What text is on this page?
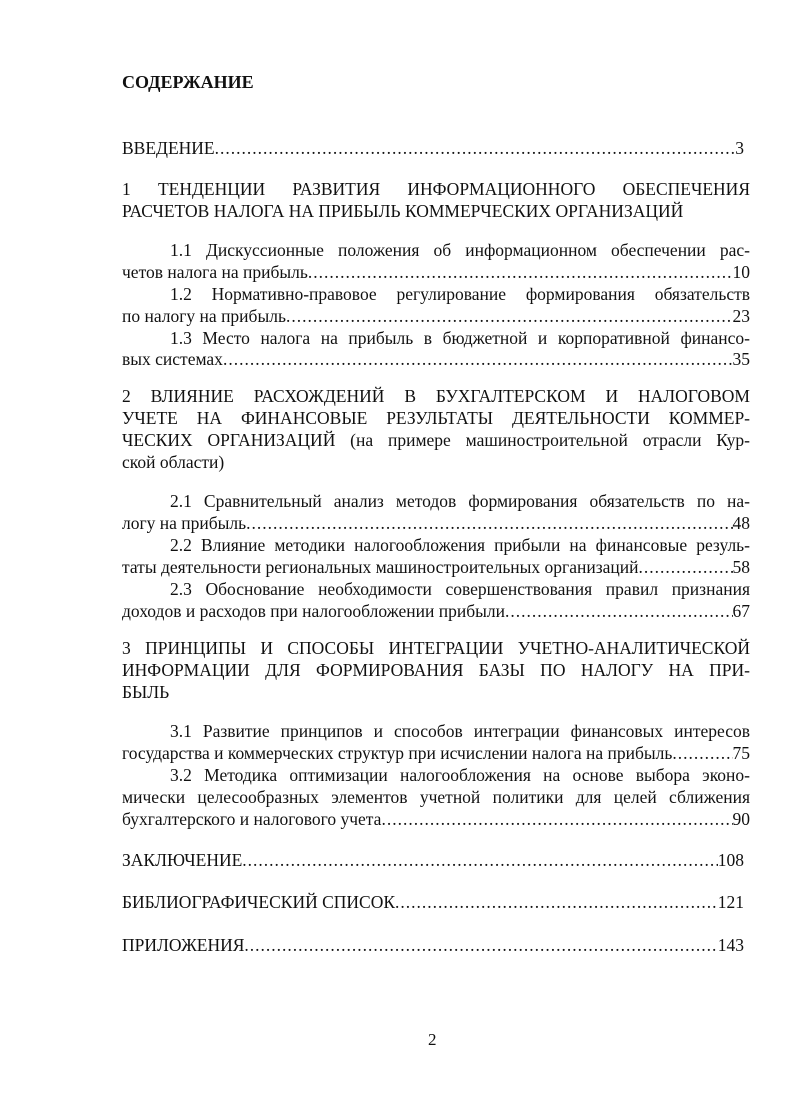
СОДЕРЖАНИЕ
ВВЕДЕНИЕ .....	3
1 ТЕНДЕНЦИИ РАЗВИТИЯ ИНФОРМАЦИОННОГО ОБЕСПЕЧЕНИЯ
РАСЧЕТОВ НАЛОГА НА ПРИБЫЛЬ КОММЕРЧЕСКИХ ОРГАНИЗАЦИЙ
1.1 Дискуссионные положения об информационном обеспечении рас-
четов налога на прибыль .....	10
1.2 Нормативно-правовое регулирование формирования обязательств
по налогу на прибыль .....	23
1.3 Место налога на прибыль в бюджетной и корпоративной финансо-
вых системах .....	35
2 ВЛИЯНИЕ РАСХОЖДЕНИЙ В БУХГАЛТЕРСКОМ И НАЛОГОВОМ
УЧЕТЕ НА ФИНАНСОВЫЕ РЕЗУЛЬТАТЫ ДЕЯТЕЛЬНОСТИ КОММЕР-
ЧЕСКИХ ОРГАНИЗАЦИЙ (на примере машиностроительной отрасли Кур-
ской области)
2.1 Сравнительный анализ методов формирования обязательств по на-
логу на прибыль .....	48
2.2 Влияние методики налогообложения прибыли на финансовые резуль-
таты деятельности региональных машиностроительных организаций .....	58
2.3 Обоснование необходимости совершенствования правил признания
доходов и расходов при налогообложении прибыли .....	67
3 ПРИНЦИПЫ И СПОСОБЫ ИНТЕГРАЦИИ УЧЕТНО-АНАЛИТИЧЕСКОЙ
ИНФОРМАЦИИ ДЛЯ ФОРМИРОВАНИЯ БАЗЫ ПО НАЛОГУ НА ПРИ-
БЫЛЬ
3.1 Развитие принципов и способов интеграции финансовых интересов
государства и коммерческих структур при исчислении налога на прибыль .....	75
3.2 Методика оптимизации налогообложения на основе выбора эконо-
мически целесообразных элементов учетной политики для целей сближения
бухгалтерского и налогового учета .....	90
ЗАКЛЮЧЕНИЕ .....	108
БИБЛИОГРАФИЧЕСКИЙ СПИСОК .....	121
ПРИЛОЖЕНИЯ .....	143
2
